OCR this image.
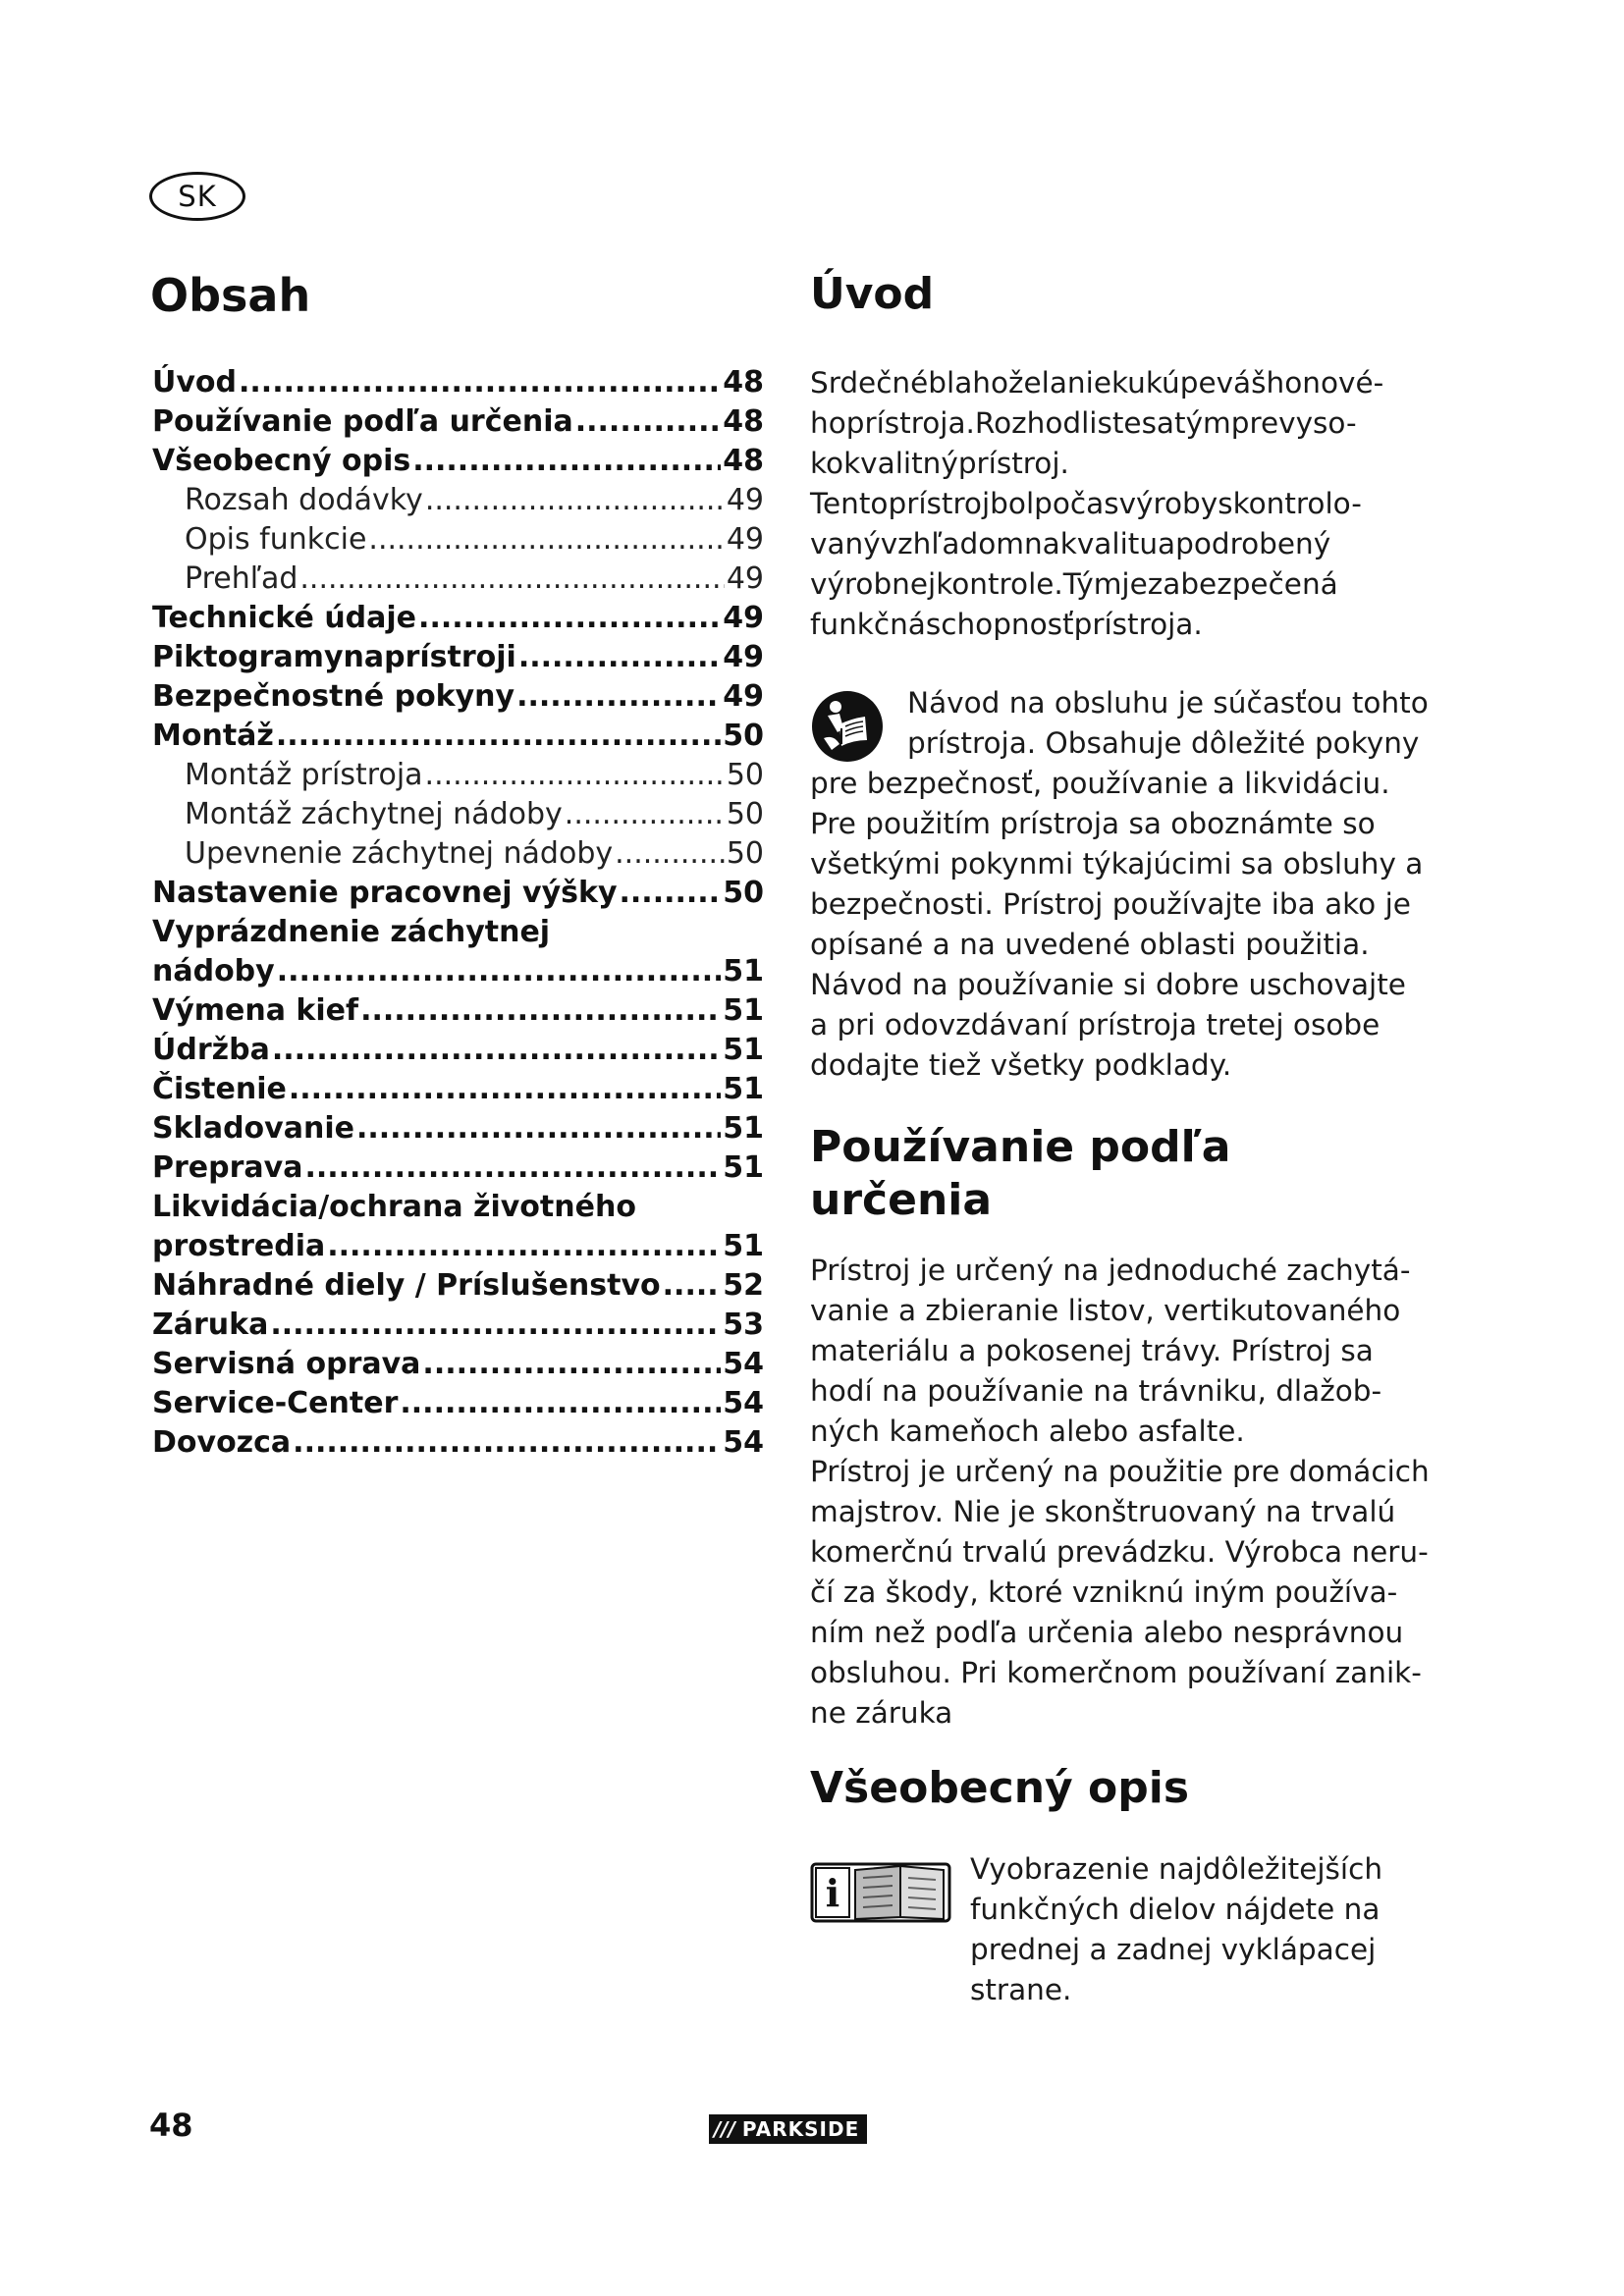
SK
Obsah
Úvod .....	48
Používanie podľa určenia .....	48
Všeobecný opis .....	48
Rozsah dodávky .....	49
Opis funkcie .....	49
Prehľad .....	49
Technické údaje .....	49
Piktogramynaprístroji .....	49
Bezpečnostné pokyny .....	49
Montáž .....	50
Montáž prístroja .....	50
Montáž záchytnej nádoby .....	50
Upevnenie záchytnej nádoby .....	50
Nastavenie pracovnej výšky .....	50
Vyprázdnenie záchytnej
nádoby .....	51
Výmena kief .....	51
Údržba .....	51
Čistenie .....	51
Skladovanie .....	51
Preprava .....	51
Likvidácia/ochrana životného
prostredia .....	51
Náhradné diely / Príslušenstvo ..... 52
Záruka .....	53
Servisná oprava .....	54
Service-Center .....	54
Dovozca .....	54
Úvod
Srdečnéblahoželaniekukúpevášhonové-
hoprístroja.Rozhodlistesatýmprevyso-
kokvalitnýprístroj.
Tentoprístrojbolpočasvýrobyskontrolo-
vanývzhľadomnakvalituapodrobený
výrobnejkontrole.Týmjezabezpečená
funkčnáschopnosťprístroja.
Návod na obsluhu je súčasťou tohto
prístroja. Obsahuje dôležité pokyny
pre bezpečnosť, používanie a likvidáciu.
Pre použitím prístroja sa oboznámte so
všetkými pokynmi týkajúcimi sa obsluhy a
bezpečnosti. Prístroj používajte iba ako je
opísané a na uvedené oblasti použitia.
Návod na používanie si dobre uschovajte
a pri odovzdávaní prístroja tretej osobe
dodajte tiež všetky podklady.
Používanie podľa
určenia
Prístroj je určený na jednoduché zachytá-
vanie a zbieranie listov, vertikutovaného
materiálu a pokosenej trávy. Prístroj sa
hodí na používanie na trávniku, dlažob-
ných kameňoch alebo asfalte.
Prístroj je určený na použitie pre domácich
majstrov. Nie je skonštruovaný na trvalú
komerčnú trvalú prevádzku. Výrobca neru-
čí za škody, ktoré vzniknú iným používa-
ním než podľa určenia alebo nesprávnou
obsluhou. Pri komerčnom používaní zanik-
ne záruka
Všeobecný opis
i
Vyobrazenie najdôležitejších
funkčných dielov nájdete na
prednej a zadnej vyklápacej
strane.
48	/// PARKSIDE
